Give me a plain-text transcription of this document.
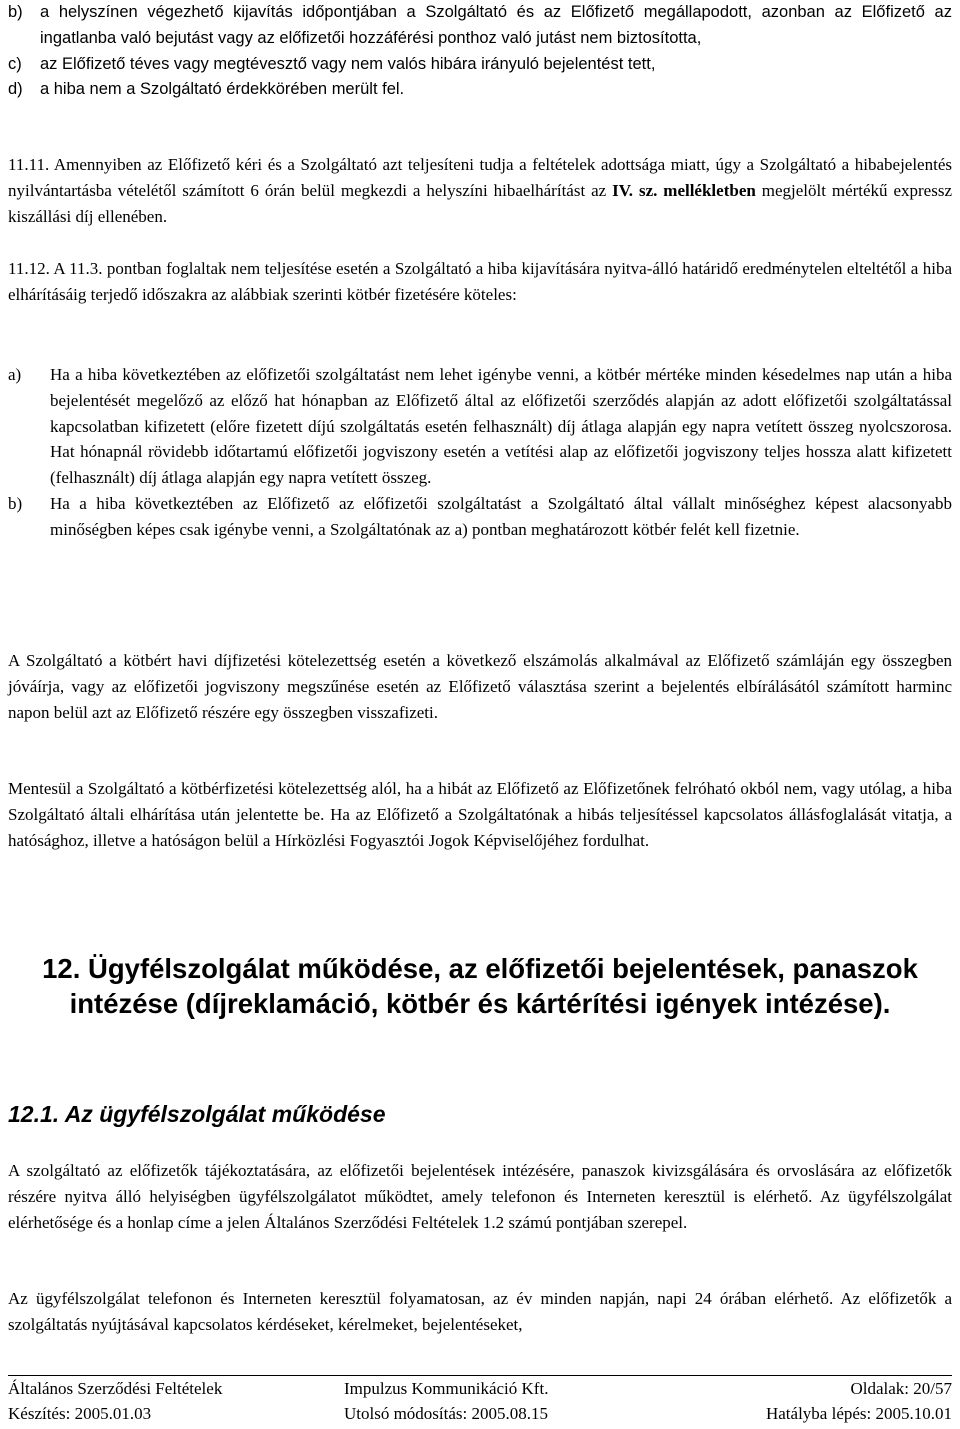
b)	a helyszínen végezhető kijavítás időpontjában a Szolgáltató és az Előfizető megállapodott, azonban az Előfizető az ingatlanba való bejutást vagy az előfizetői hozzáférési ponthoz való jutást nem biztosította,
c)	az Előfizető téves vagy megtévesztő vagy nem valós hibára irányuló bejelentést tett,
d)	a hiba nem a Szolgáltató érdekkörében merült fel.

11.11. Amennyiben az Előfizető kéri és a Szolgáltató azt teljesíteni tudja a feltételek adottsága miatt, úgy a Szolgáltató a hibabejelentés nyilvántartásba vételétől számított 6 órán belül megkezdi a helyszíni hibaelhárítást az IV. sz. mellékletben megjelölt mértékű expressz kiszállási díj ellenében.

11.12. A 11.3. pontban foglaltak nem teljesítése esetén a Szolgáltató a hiba kijavítására nyitva-álló határidő eredménytelen elteltétől a hiba elhárításáig terjedő időszakra az alábbiak szerinti kötbér fizetésére köteles:

a)	Ha a hiba következtében az előfizetői szolgáltatást nem lehet igénybe venni, a kötbér mértéke minden késedelmes nap után a hiba bejelentését megelőző az előző hat hónapban az Előfizető által az előfizetői szerződés alapján az adott előfizetői szolgáltatással kapcsolatban kifizetett (előre fizetett díjú szolgáltatás esetén felhasznált) díj átlaga alapján egy napra vetített összeg nyolcszorosa. Hat hónapnál rövidebb időtartamú előfizetői jogviszony esetén a vetítési alap az előfizetői jogviszony teljes hossza alatt kifizetett (felhasznált) díj átlaga alapján egy napra vetített összeg.
b)	Ha a hiba következtében az Előfizető az előfizetői szolgáltatást a Szolgáltató által vállalt minőséghez képest alacsonyabb minőségben képes csak igénybe venni, a Szolgáltatónak az a) pontban meghatározott kötbér felét kell fizetnie.

A Szolgáltató a kötbért havi díjfizetési kötelezettség esetén a következő elszámolás alkalmával az Előfizető számláján egy összegben jóváírja, vagy az előfizetői jogviszony megszűnése esetén az Előfizető választása szerint a bejelentés elbírálásától számított harminc napon belül azt az Előfizető részére egy összegben visszafizeti.

Mentesül a Szolgáltató a kötbérfizetési kötelezettség alól, ha a hibát az Előfizető az Előfizetőnek felróható okból nem, vagy utólag, a hiba Szolgáltató általi elhárítása után jelentette be. Ha az Előfizető a Szolgáltatónak a hibás teljesítéssel kapcsolatos állásfoglalását vitatja, a hatósághoz, illetve a hatóságon belül a Hírközlési Fogyasztói Jogok Képviselőjéhez fordulhat.

12. Ügyfélszolgálat működése, az előfizetői bejelentések, panaszok intézése (díjreklamáció, kötbér és kártérítési igények intézése).
12.1. Az ügyfélszolgálat működése

A szolgáltató az előfizetők tájékoztatására, az előfizetői bejelentések intézésére, panaszok kivizsgálására és orvoslására az előfizetők részére nyitva álló helyiségben ügyfélszolgálatot működtet, amely telefonon és Interneten keresztül is elérhető. Az ügyfélszolgálat elérhetősége és a honlap címe a jelen Általános Szerződési Feltételek 1.2 számú pontjában szerepel.

Az ügyfélszolgálat telefonon és Interneten keresztül folyamatosan, az év minden napján, napi 24 órában elérhető. Az előfizetők a szolgáltatás nyújtásával kapcsolatos kérdéseket, kérelmeket, bejelentéseket,

Általános Szerződési Feltételek	Impulzus Kommunikáció Kft.	Oldalak: 20/57
Készítés: 2005.01.03	Utolsó módosítás: 2005.08.15	Hatályba lépés: 2005.10.01
